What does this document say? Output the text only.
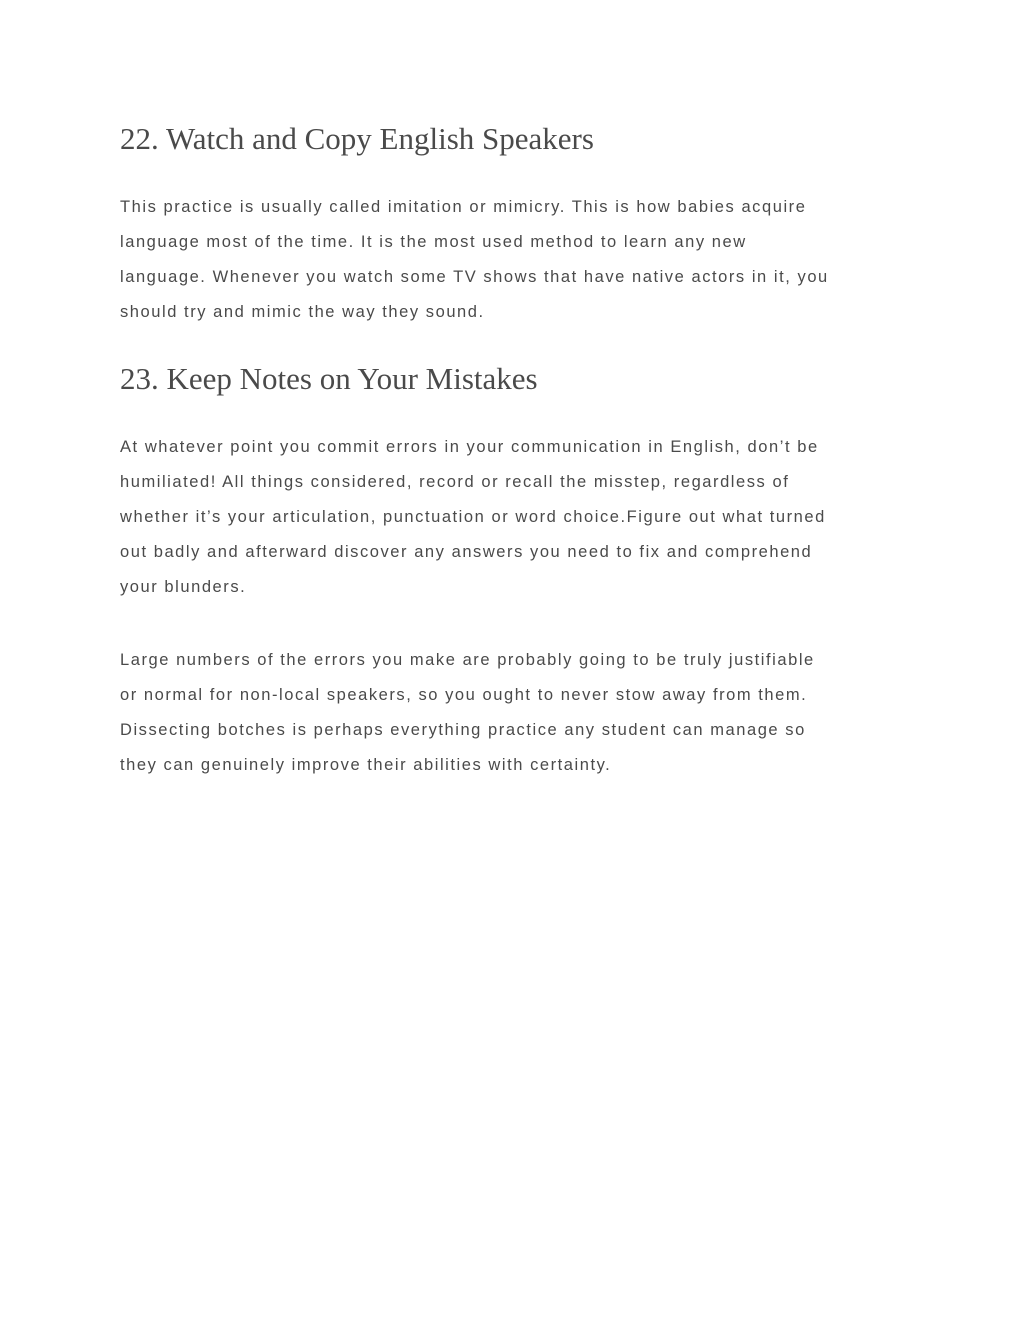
22. Watch and Copy English Speakers

This practice is usually called imitation or mimicry. This is how babies acquire
language most of the time. It is the most used method to learn any new
language. Whenever you watch some TV shows that have native actors in it, you
should try and mimic the way they sound.

23. Keep Notes on Your Mistakes

At whatever point you commit errors in your communication in English, don’t be
humiliated! All things considered, record or recall the misstep, regardless of
whether it’s your articulation, punctuation or word choice.Figure out what turned
out badly and afterward discover any answers you need to fix and comprehend
your blunders.

Large numbers of the errors you make are probably going to be truly justifiable
or normal for non-local speakers, so you ought to never stow away from them.
Dissecting botches is perhaps everything practice any student can manage so
they can genuinely improve their abilities with certainty.
